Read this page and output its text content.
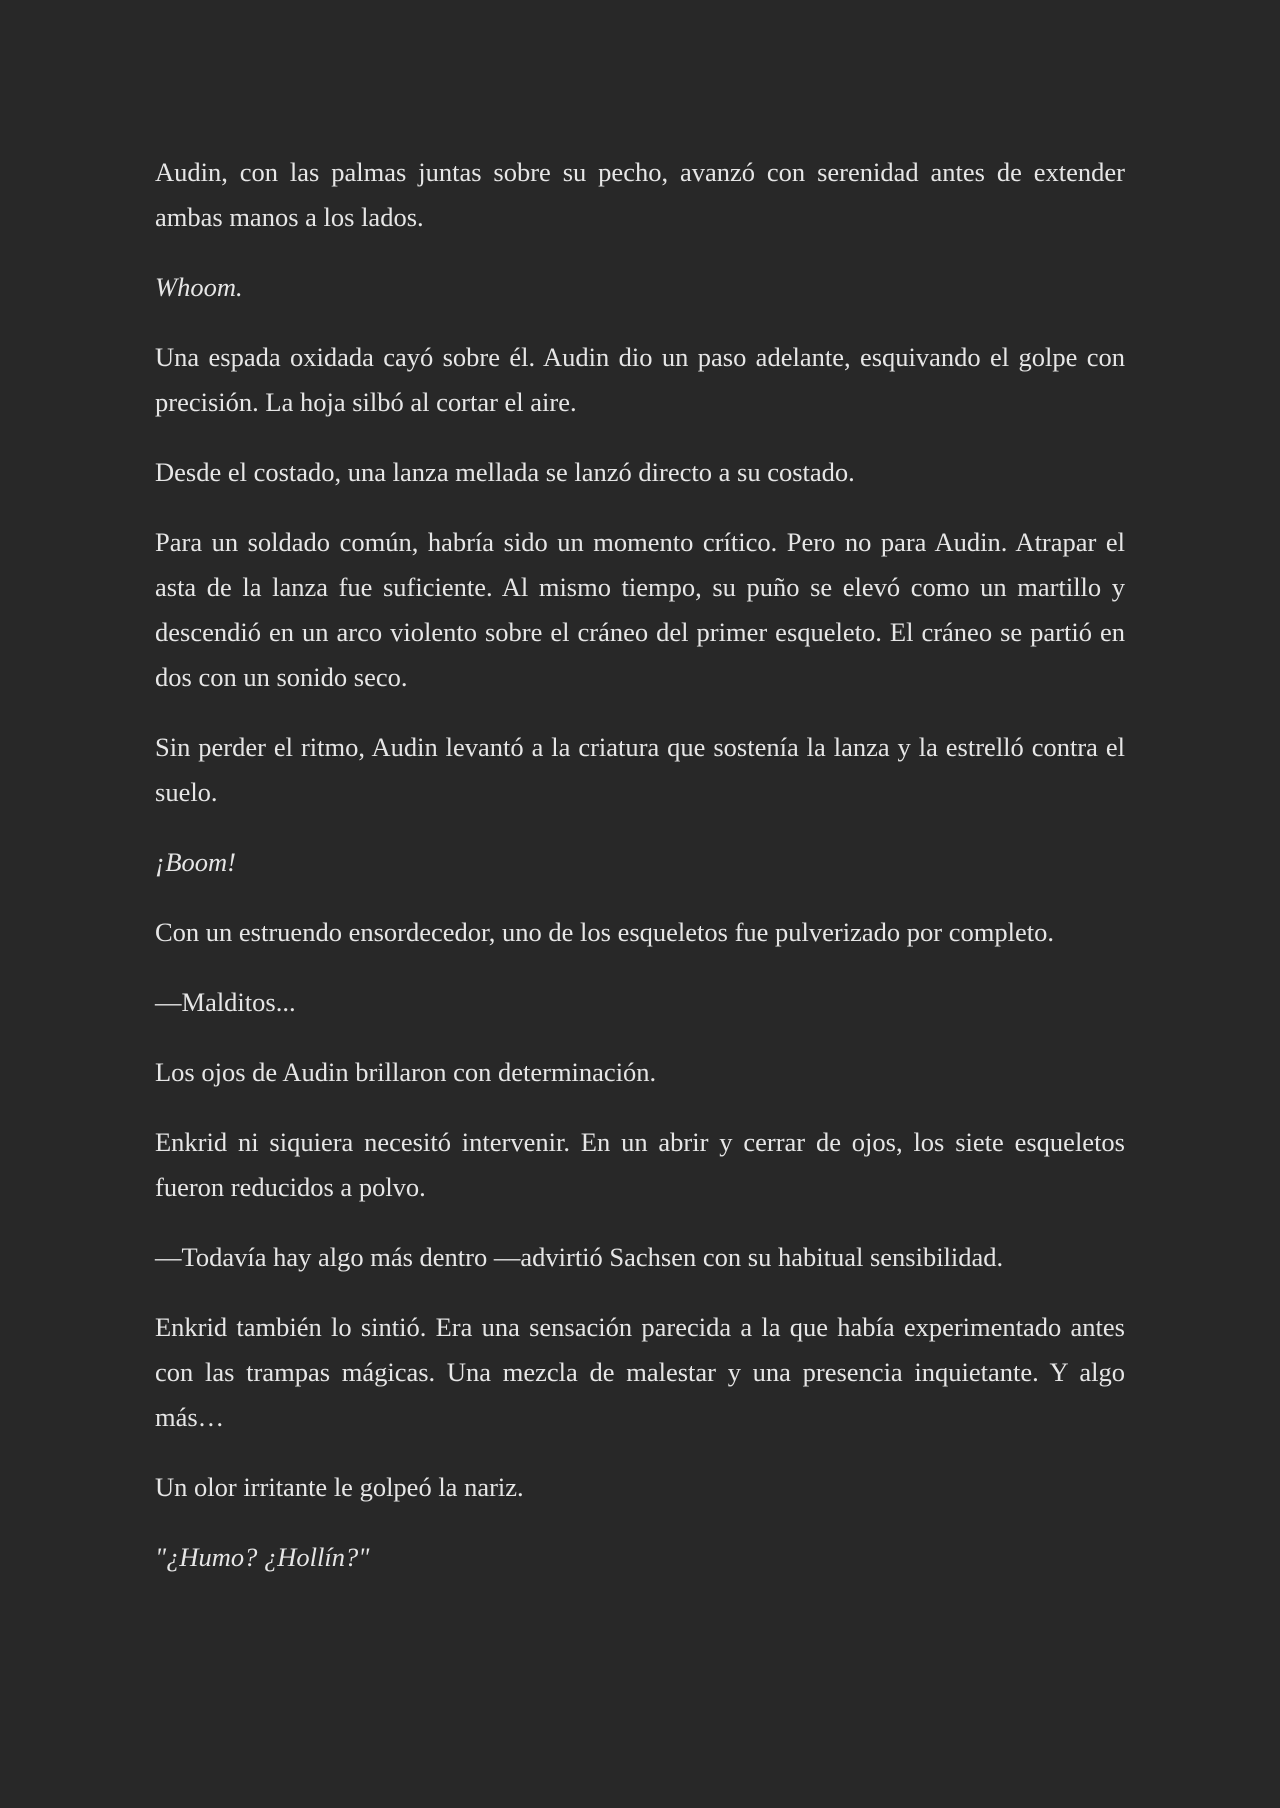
Audin, con las palmas juntas sobre su pecho, avanzó con serenidad antes de extender ambas manos a los lados.

Whoom.

Una espada oxidada cayó sobre él. Audin dio un paso adelante, esquivando el golpe con precisión. La hoja silbó al cortar el aire.

Desde el costado, una lanza mellada se lanzó directo a su costado.

Para un soldado común, habría sido un momento crítico. Pero no para Audin. Atrapar el asta de la lanza fue suficiente. Al mismo tiempo, su puño se elevó como un martillo y descendió en un arco violento sobre el cráneo del primer esqueleto. El cráneo se partió en dos con un sonido seco.

Sin perder el ritmo, Audin levantó a la criatura que sostenía la lanza y la estrelló contra el suelo.

¡Boom!

Con un estruendo ensordecedor, uno de los esqueletos fue pulverizado por completo.

—Malditos...

Los ojos de Audin brillaron con determinación.

Enkrid ni siquiera necesitó intervenir. En un abrir y cerrar de ojos, los siete esqueletos fueron reducidos a polvo.

—Todavía hay algo más dentro —advirtió Sachsen con su habitual sensibilidad.

Enkrid también lo sintió. Era una sensación parecida a la que había experimentado antes con las trampas mágicas. Una mezcla de malestar y una presencia inquietante. Y algo más…

Un olor irritante le golpeó la nariz.

"¿Humo? ¿Hollín?"
